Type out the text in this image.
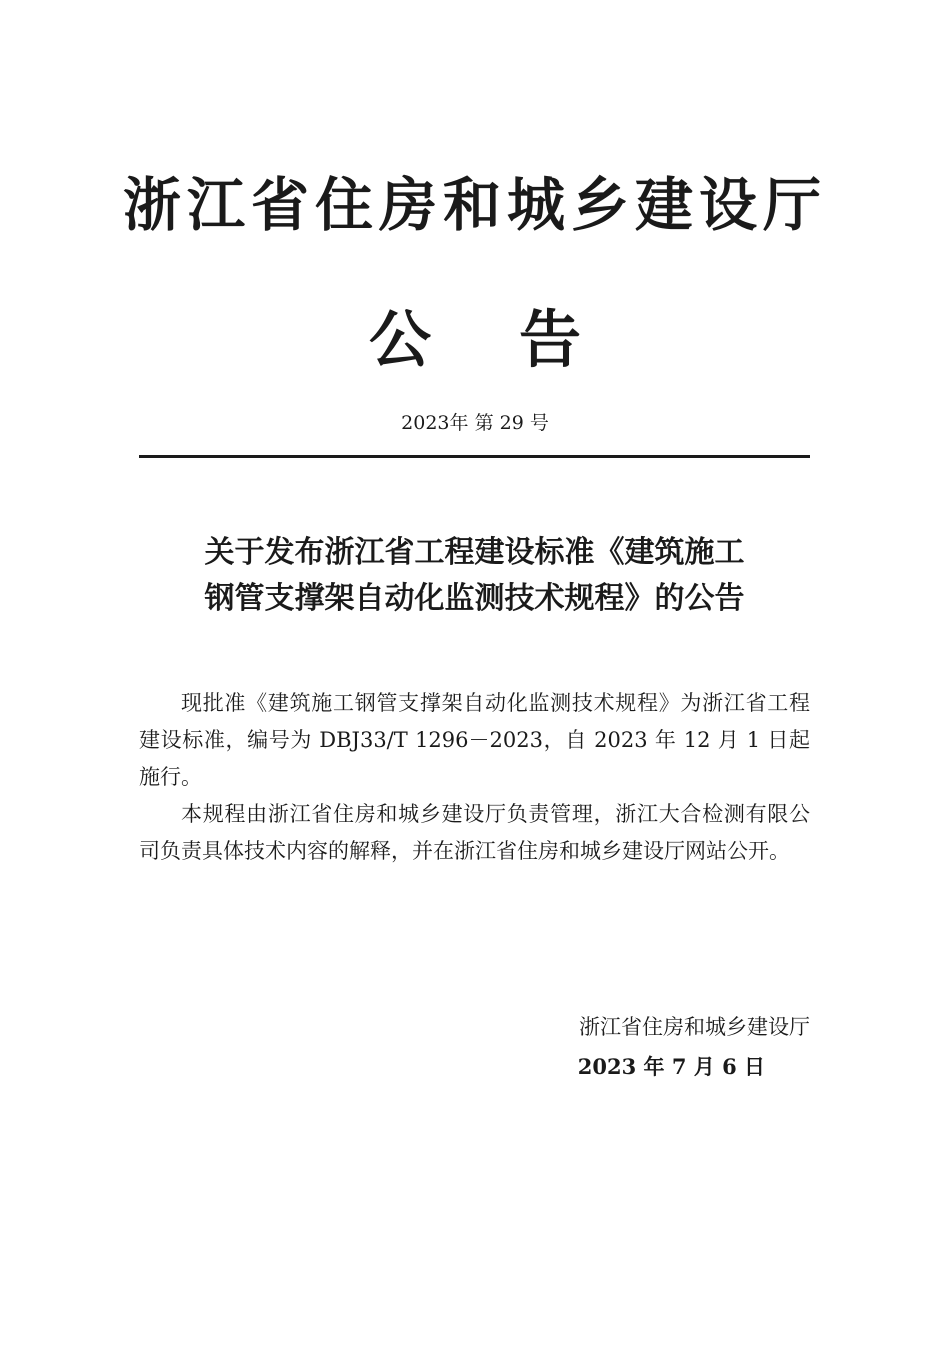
浙江省住房和城乡建设厅
公 告
2023年 第 29 号
关于发布浙江省工程建设标准《建筑施工
钢管支撑架自动化监测技术规程》的公告

现批准《建筑施工钢管支撑架自动化监测技术规程》为浙江省工程建设标准，编号为 DBJ33/T 1296－2023，自 2023 年 12 月 1 日起施行。

本规程由浙江省住房和城乡建设厅负责管理，浙江大合检测有限公司负责具体技术内容的解释，并在浙江省住房和城乡建设厅网站公开。

浙江省住房和城乡建设厅
2023 年 7 月 6 日
